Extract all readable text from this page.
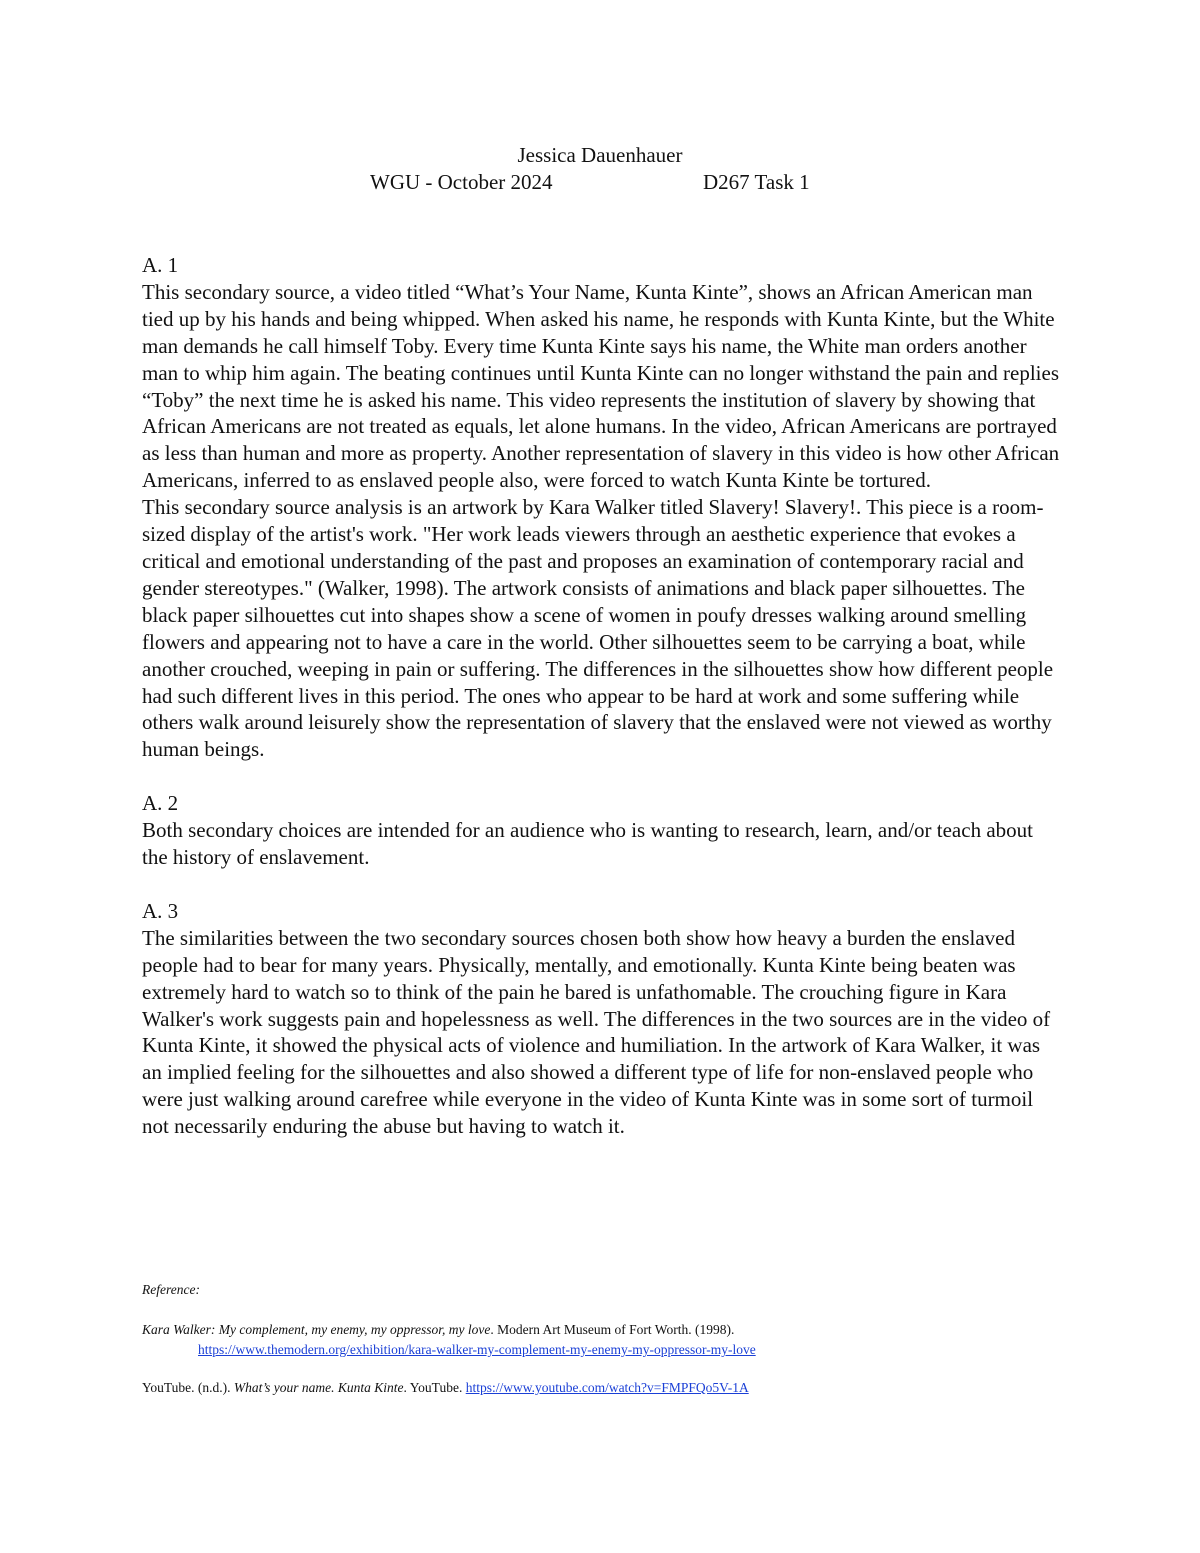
Jessica Dauenhauer
WGU - October 2024	D267 Task 1

A. 1

This secondary source, a video titled “What’s Your Name, Kunta Kinte”, shows an African American man tied up by his hands and being whipped. When asked his name, he responds with Kunta Kinte, but the White man demands he call himself Toby. Every time Kunta Kinte says his name, the White man orders another man to whip him again. The beating continues until Kunta Kinte can no longer withstand the pain and replies “Toby” the next time he is asked his name. This video represents the institution of slavery by showing that African Americans are not treated as equals, let alone humans. In the video, African Americans are portrayed as less than human and more as property. Another representation of slavery in this video is how other African Americans, inferred to as enslaved people also, were forced to watch Kunta Kinte be tortured.

This secondary source analysis is an artwork by Kara Walker titled Slavery! Slavery!. This piece is a room-sized display of the artist's work. "Her work leads viewers through an aesthetic experience that evokes a critical and emotional understanding of the past and proposes an examination of contemporary racial and gender stereotypes." (Walker, 1998). The artwork consists of animations and black paper silhouettes. The black paper silhouettes cut into shapes show a scene of women in poufy dresses walking around smelling flowers and appearing not to have a care in the world. Other silhouettes seem to be carrying a boat, while another crouched, weeping in pain or suffering. The differences in the silhouettes show how different people had such different lives in this period. The ones who appear to be hard at work and some suffering while others walk around leisurely show the representation of slavery that the enslaved were not viewed as worthy human beings.

A. 2

Both secondary choices are intended for an audience who is wanting to research, learn, and/or teach about the history of enslavement.

A. 3

The similarities between the two secondary sources chosen both show how heavy a burden the enslaved people had to bear for many years. Physically, mentally, and emotionally. Kunta Kinte being beaten was extremely hard to watch so to think of the pain he bared is unfathomable. The crouching figure in Kara Walker's work suggests pain and hopelessness as well. The differences in the two sources are in the video of Kunta Kinte, it showed the physical acts of violence and humiliation. In the artwork of Kara Walker, it was an implied feeling for the silhouettes and also showed a different type of life for non-enslaved people who were just walking around carefree while everyone in the video of Kunta Kinte was in some sort of turmoil not necessarily enduring the abuse but having to watch it.

Reference:

Kara Walker: My complement, my enemy, my oppressor, my love. Modern Art Museum of Fort Worth. (1998).
https://www.themodern.org/exhibition/kara-walker-my-complement-my-enemy-my-oppressor-my-love

YouTube. (n.d.). What’s your name. Kunta Kinte. YouTube. https://www.youtube.com/watch?v=FMPFQo5V-1A
